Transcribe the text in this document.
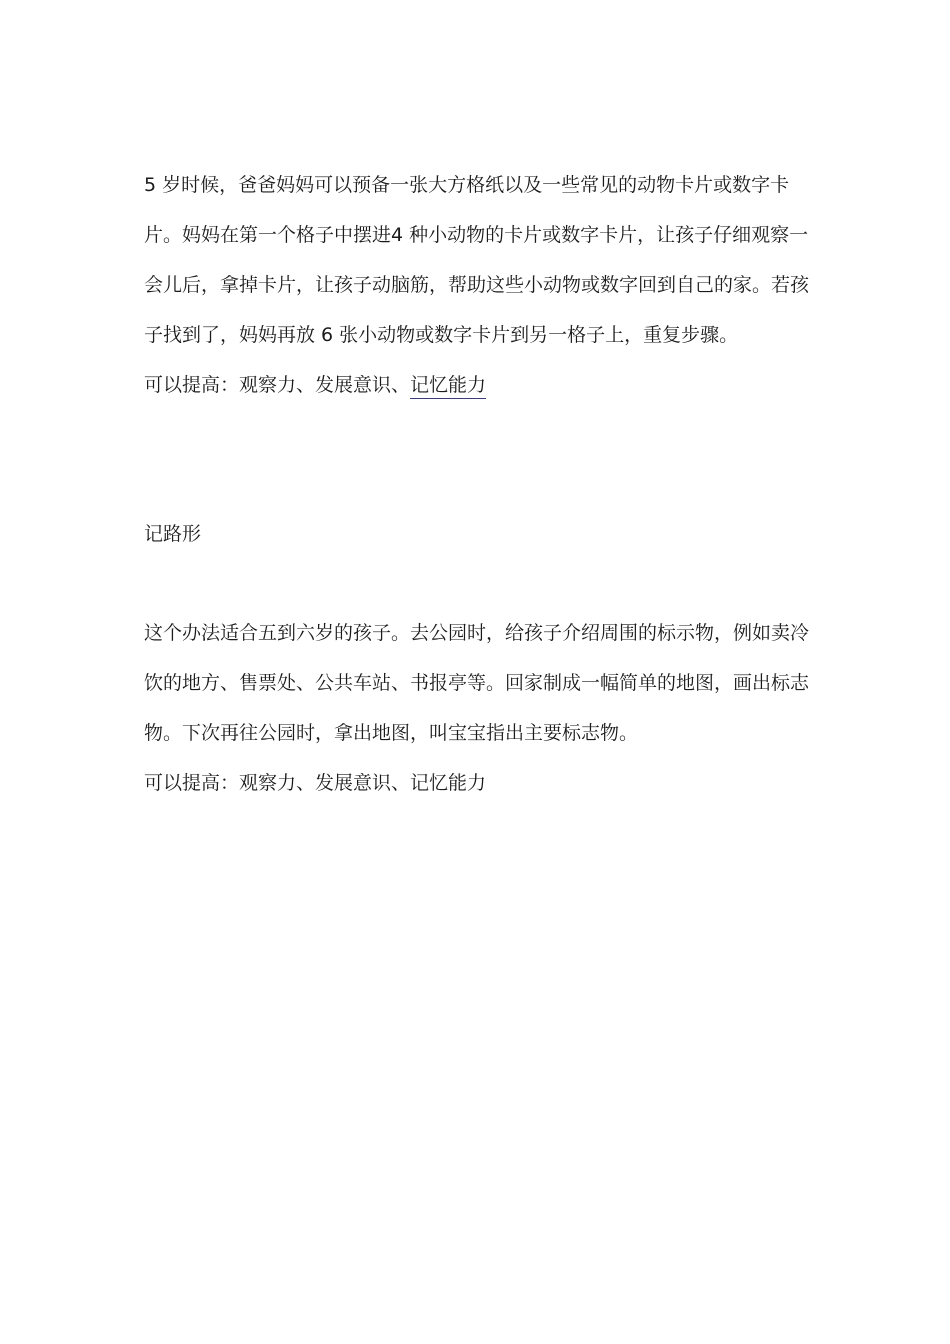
5 岁时候，爸爸妈妈可以预备一张大方格纸以及一些常见的动物卡片或数字卡
片。妈妈在第一个格子中摆进4 种小动物的卡片或数字卡片，让孩子仔细观察一
会儿后，拿掉卡片，让孩子动脑筋，帮助这些小动物或数字回到自己的家。若孩
子找到了，妈妈再放 6 张小动物或数字卡片到另一格子上，重复步骤。
可以提高：观察力、发展意识、记忆能力
记路形
这个办法适合五到六岁的孩子。去公园时，给孩子介绍周围的标示物，例如卖冷
饮的地方、售票处、公共车站、书报亭等。回家制成一幅简单的地图，画出标志
物。下次再往公园时，拿出地图，叫宝宝指出主要标志物。
可以提高：观察力、发展意识、记忆能力
